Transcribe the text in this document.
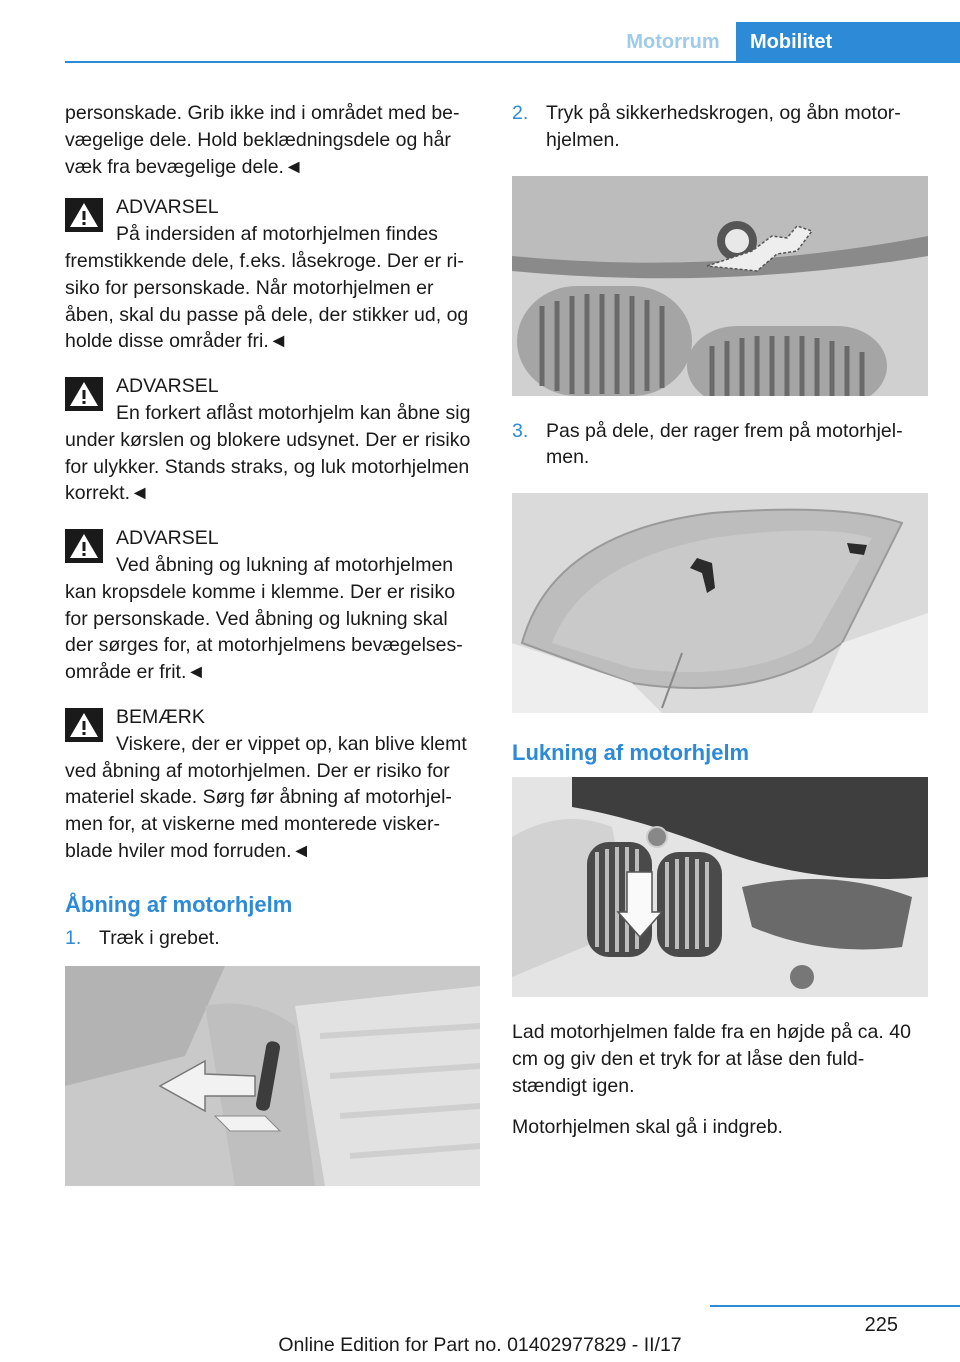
Motorrum	Mobilitet

personskade. Grib ikke ind i området med bevægelige dele. Hold beklædningsdele og hår væk fra bevægelige dele.◄

ADVARSEL
På indersiden af motorhjelmen findes fremstikkende dele, f.eks. låsekroge. Der er risiko for personskade. Når motorhjelmen er åben, skal du passe på dele, der stikker ud, og holde disse områder fri.◄
ADVARSEL
En forkert aflåst motorhjelm kan åbne sig under kørslen og blokere udsynet. Der er risiko for ulykker. Stands straks, og luk motorhjelmen korrekt.◄
ADVARSEL
Ved åbning og lukning af motorhjelmen kan kropsdele komme i klemme. Der er risiko for personskade. Ved åbning og lukning skal der sørges for, at motorhjelmens bevægelsesområde er frit.◄
BEMÆRK
Viskere, der er vippet op, kan blive klemt ved åbning af motorhjelmen. Der er risiko for materiel skade. Sørg før åbning af motorhjelmen for, at viskerne med monterede viskerblade hviler mod forruden.◄
Åbning af motorhjelm
1. Træk i grebet.
2. Tryk på sikkerhedskrogen, og åbn motorhjelmen.
3. Pas på dele, der rager frem på motorhjelmen.
Lukning af motorhjelm

Lad motorhjelmen falde fra en højde på ca. 40 cm og giv den et tryk for at låse den fuldstændigt igen.

Motorhjelmen skal gå i indgreb.

225
Online Edition for Part no. 01402977829 - II/17
